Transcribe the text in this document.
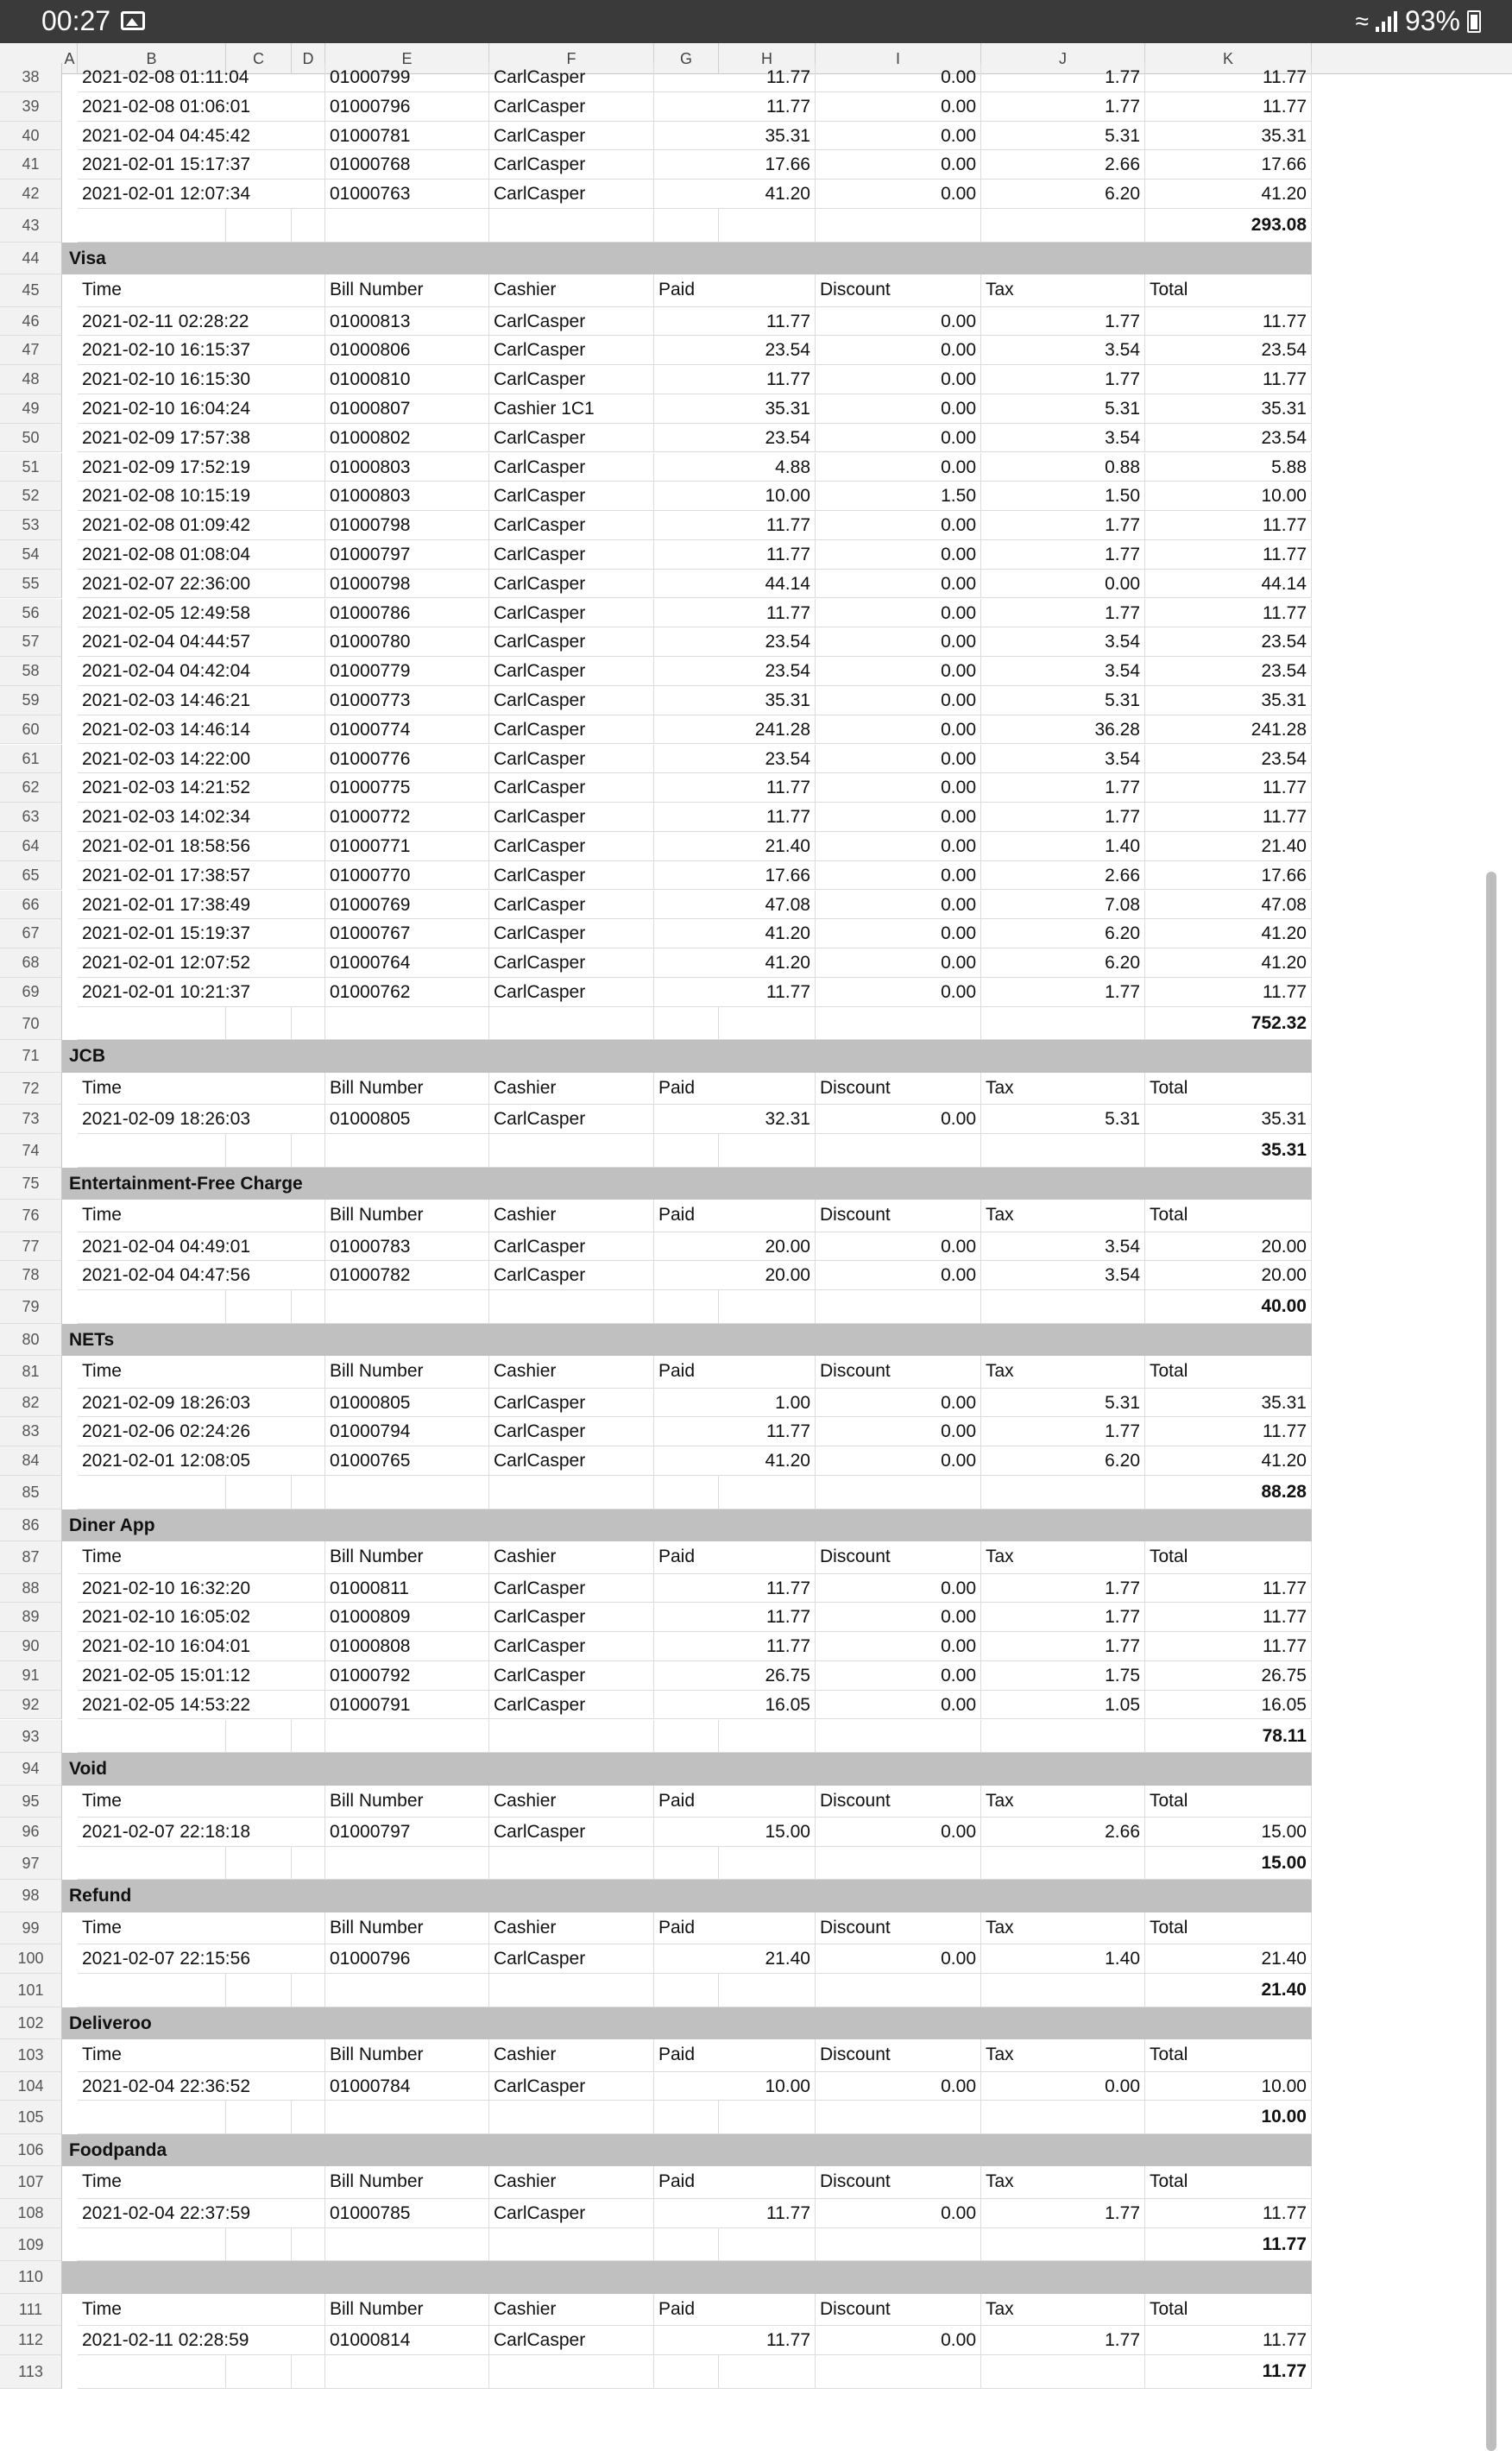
00:27	≈ 93%
A	B	C	D	E	F	G	H	I	J	K
38	2021-02-08 01:11:04	01000799	CarlCasper	11.77	0.00	1.77	11.77
39	2021-02-08 01:06:01	01000796	CarlCasper	11.77	0.00	1.77	11.77
40	2021-02-04 04:45:42	01000781	CarlCasper	35.31	0.00	5.31	35.31
41	2021-02-01 15:17:37	01000768	CarlCasper	17.66	0.00	2.66	17.66
42	2021-02-01 12:07:34	01000763	CarlCasper	41.20	0.00	6.20	41.20
43	293.08
44	Visa
45	Time	Bill Number	Cashier	Paid	Discount	Tax	Total
46	2021-02-11 02:28:22	01000813	CarlCasper	11.77	0.00	1.77	11.77
47	2021-02-10 16:15:37	01000806	CarlCasper	23.54	0.00	3.54	23.54
48	2021-02-10 16:15:30	01000810	CarlCasper	11.77	0.00	1.77	11.77
49	2021-02-10 16:04:24	01000807	Cashier 1C1	35.31	0.00	5.31	35.31
50	2021-02-09 17:57:38	01000802	CarlCasper	23.54	0.00	3.54	23.54
51	2021-02-09 17:52:19	01000803	CarlCasper	4.88	0.00	0.88	5.88
52	2021-02-08 10:15:19	01000803	CarlCasper	10.00	1.50	1.50	10.00
53	2021-02-08 01:09:42	01000798	CarlCasper	11.77	0.00	1.77	11.77
54	2021-02-08 01:08:04	01000797	CarlCasper	11.77	0.00	1.77	11.77
55	2021-02-07 22:36:00	01000798	CarlCasper	44.14	0.00	0.00	44.14
56	2021-02-05 12:49:58	01000786	CarlCasper	11.77	0.00	1.77	11.77
57	2021-02-04 04:44:57	01000780	CarlCasper	23.54	0.00	3.54	23.54
58	2021-02-04 04:42:04	01000779	CarlCasper	23.54	0.00	3.54	23.54
59	2021-02-03 14:46:21	01000773	CarlCasper	35.31	0.00	5.31	35.31
60	2021-02-03 14:46:14	01000774	CarlCasper	241.28	0.00	36.28	241.28
61	2021-02-03 14:22:00	01000776	CarlCasper	23.54	0.00	3.54	23.54
62	2021-02-03 14:21:52	01000775	CarlCasper	11.77	0.00	1.77	11.77
63	2021-02-03 14:02:34	01000772	CarlCasper	11.77	0.00	1.77	11.77
64	2021-02-01 18:58:56	01000771	CarlCasper	21.40	0.00	1.40	21.40
65	2021-02-01 17:38:57	01000770	CarlCasper	17.66	0.00	2.66	17.66
66	2021-02-01 17:38:49	01000769	CarlCasper	47.08	0.00	7.08	47.08
67	2021-02-01 15:19:37	01000767	CarlCasper	41.20	0.00	6.20	41.20
68	2021-02-01 12:07:52	01000764	CarlCasper	41.20	0.00	6.20	41.20
69	2021-02-01 10:21:37	01000762	CarlCasper	11.77	0.00	1.77	11.77
70	752.32
71	JCB
72	Time	Bill Number	Cashier	Paid	Discount	Tax	Total
73	2021-02-09 18:26:03	01000805	CarlCasper	32.31	0.00	5.31	35.31
74	35.31
75	Entertainment-Free Charge
76	Time	Bill Number	Cashier	Paid	Discount	Tax	Total
77	2021-02-04 04:49:01	01000783	CarlCasper	20.00	0.00	3.54	20.00
78	2021-02-04 04:47:56	01000782	CarlCasper	20.00	0.00	3.54	20.00
79	40.00
80	NETs
81	Time	Bill Number	Cashier	Paid	Discount	Tax	Total
82	2021-02-09 18:26:03	01000805	CarlCasper	1.00	0.00	5.31	35.31
83	2021-02-06 02:24:26	01000794	CarlCasper	11.77	0.00	1.77	11.77
84	2021-02-01 12:08:05	01000765	CarlCasper	41.20	0.00	6.20	41.20
85	88.28
86	Diner App
87	Time	Bill Number	Cashier	Paid	Discount	Tax	Total
88	2021-02-10 16:32:20	01000811	CarlCasper	11.77	0.00	1.77	11.77
89	2021-02-10 16:05:02	01000809	CarlCasper	11.77	0.00	1.77	11.77
90	2021-02-10 16:04:01	01000808	CarlCasper	11.77	0.00	1.77	11.77
91	2021-02-05 15:01:12	01000792	CarlCasper	26.75	0.00	1.75	26.75
92	2021-02-05 14:53:22	01000791	CarlCasper	16.05	0.00	1.05	16.05
93	78.11
94	Void
95	Time	Bill Number	Cashier	Paid	Discount	Tax	Total
96	2021-02-07 22:18:18	01000797	CarlCasper	15.00	0.00	2.66	15.00
97	15.00
98	Refund
99	Time	Bill Number	Cashier	Paid	Discount	Tax	Total
100	2021-02-07 22:15:56	01000796	CarlCasper	21.40	0.00	1.40	21.40
101	21.40
102	Deliveroo
103	Time	Bill Number	Cashier	Paid	Discount	Tax	Total
104	2021-02-04 22:36:52	01000784	CarlCasper	10.00	0.00	0.00	10.00
105	10.00
106	Foodpanda
107	Time	Bill Number	Cashier	Paid	Discount	Tax	Total
108	2021-02-04 22:37:59	01000785	CarlCasper	11.77	0.00	1.77	11.77
109	11.77
110
111	Time	Bill Number	Cashier	Paid	Discount	Tax	Total
112	2021-02-11 02:28:59	01000814	CarlCasper	11.77	0.00	1.77	11.77
113	11.77
